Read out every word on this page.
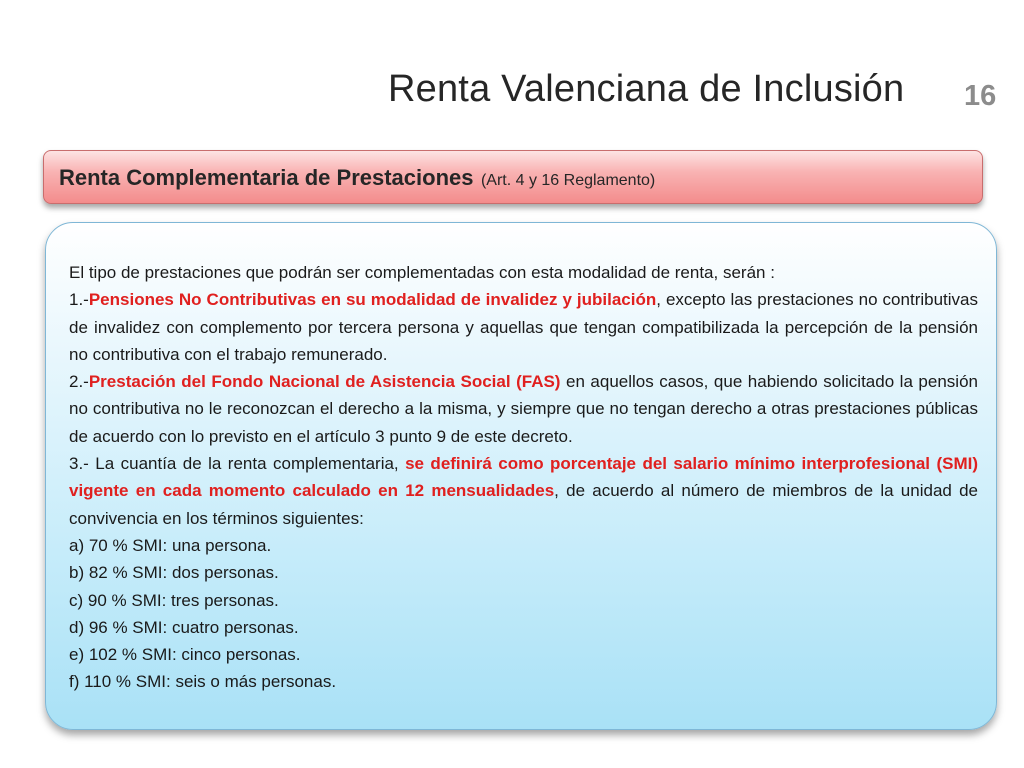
Renta Valenciana de Inclusión 16
Renta Complementaria de Prestaciones (Art. 4 y 16 Reglamento)

El tipo de prestaciones que podrán ser complementadas con esta modalidad de renta, serán :

1.-Pensiones No Contributivas en su modalidad de invalidez y jubilación, excepto las prestaciones no contributivas de invalidez con complemento por tercera persona y aquellas que tengan compatibilizada la percepción de la pensión no contributiva con el trabajo remunerado.

2.-Prestación del Fondo Nacional de Asistencia Social (FAS) en aquellos casos, que habiendo solicitado la pensión no contributiva no le reconozcan el derecho a la misma, y siempre que no tengan derecho a otras prestaciones públicas de acuerdo con lo previsto en el artículo 3 punto 9 de este decreto.

3.- La cuantía de la renta complementaria, se definirá como porcentaje del salario mínimo interprofesional (SMI) vigente en cada momento calculado en 12 mensualidades, de acuerdo al número de miembros de la unidad de convivencia en los términos siguientes:

a) 70 % SMI: una persona.

b) 82 % SMI: dos personas.

c) 90 % SMI: tres personas.

d) 96 % SMI: cuatro personas.

e) 102 % SMI: cinco personas.

f) 110 % SMI: seis o más personas.
